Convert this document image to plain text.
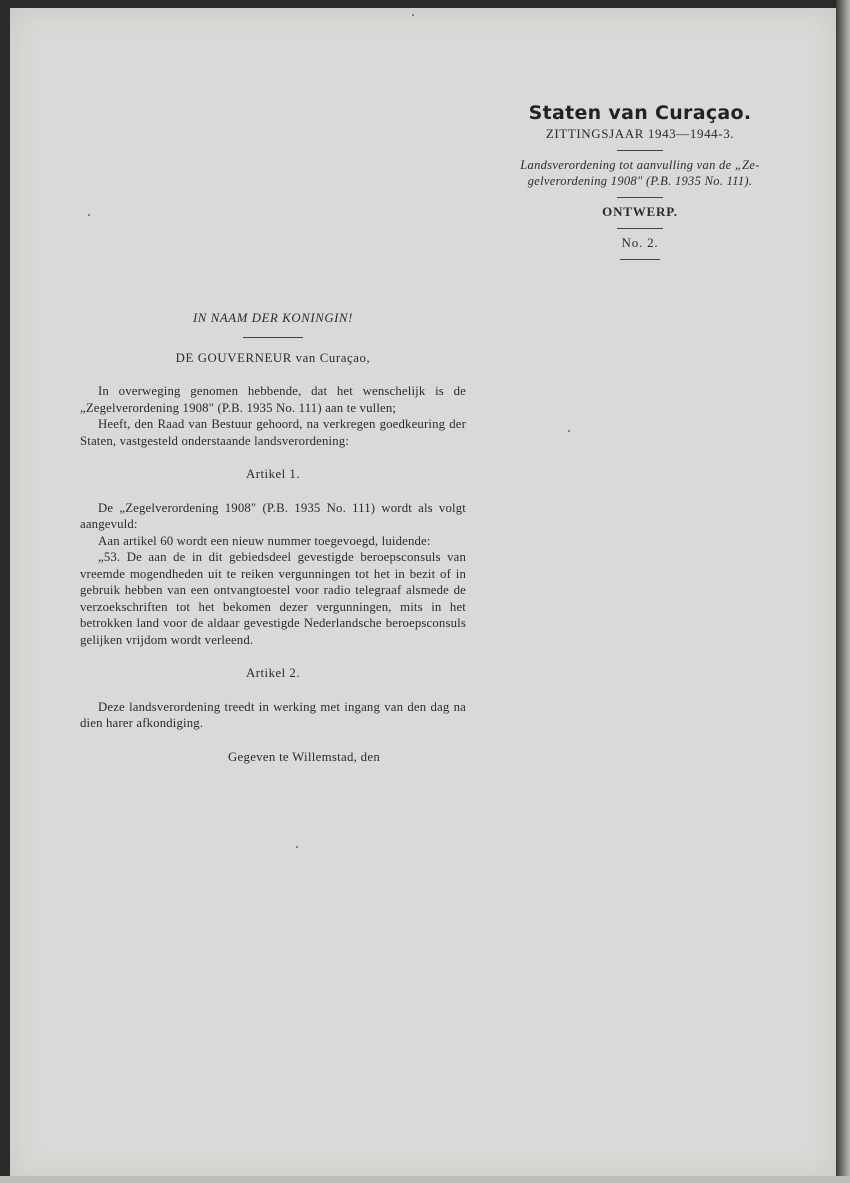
Staten van Curaçao.
ZITTINGSJAAR 1943—1944-3.
Landsverordening tot aanvulling van de „Ze-
gelverordening 1908" (P.B. 1935 No. 111).
ONTWERP.
No. 2.

IN NAAM DER KONINGIN!

DE GOUVERNEUR van Curaçao,

In overweging genomen hebbende, dat het wenschelijk is de „Zegelverordening 1908" (P.B. 1935 No. 111) aan te vullen;

Heeft, den Raad van Bestuur gehoord, na verkregen goedkeuring der Staten, vastgesteld onderstaande landsverordening:

Artikel 1.

De „Zegelverordening 1908" (P.B. 1935 No. 111) wordt als volgt aangevuld:

Aan artikel 60 wordt een nieuw nummer toegevoegd, luidende:

„53. De aan de in dit gebiedsdeel gevestigde beroepsconsuls van vreemde mogendheden uit te reiken vergunningen tot het in bezit of in gebruik hebben van een ontvangtoestel voor radio telegraaf alsmede de verzoekschriften tot het bekomen dezer vergunningen, mits in het betrokken land voor de aldaar gevestigde Nederlandsche beroepsconsuls gelijken vrijdom wordt verleend.

Artikel 2.

Deze landsverordening treedt in werking met ingang van den dag na dien harer afkondiging.

Gegeven te Willemstad, den
